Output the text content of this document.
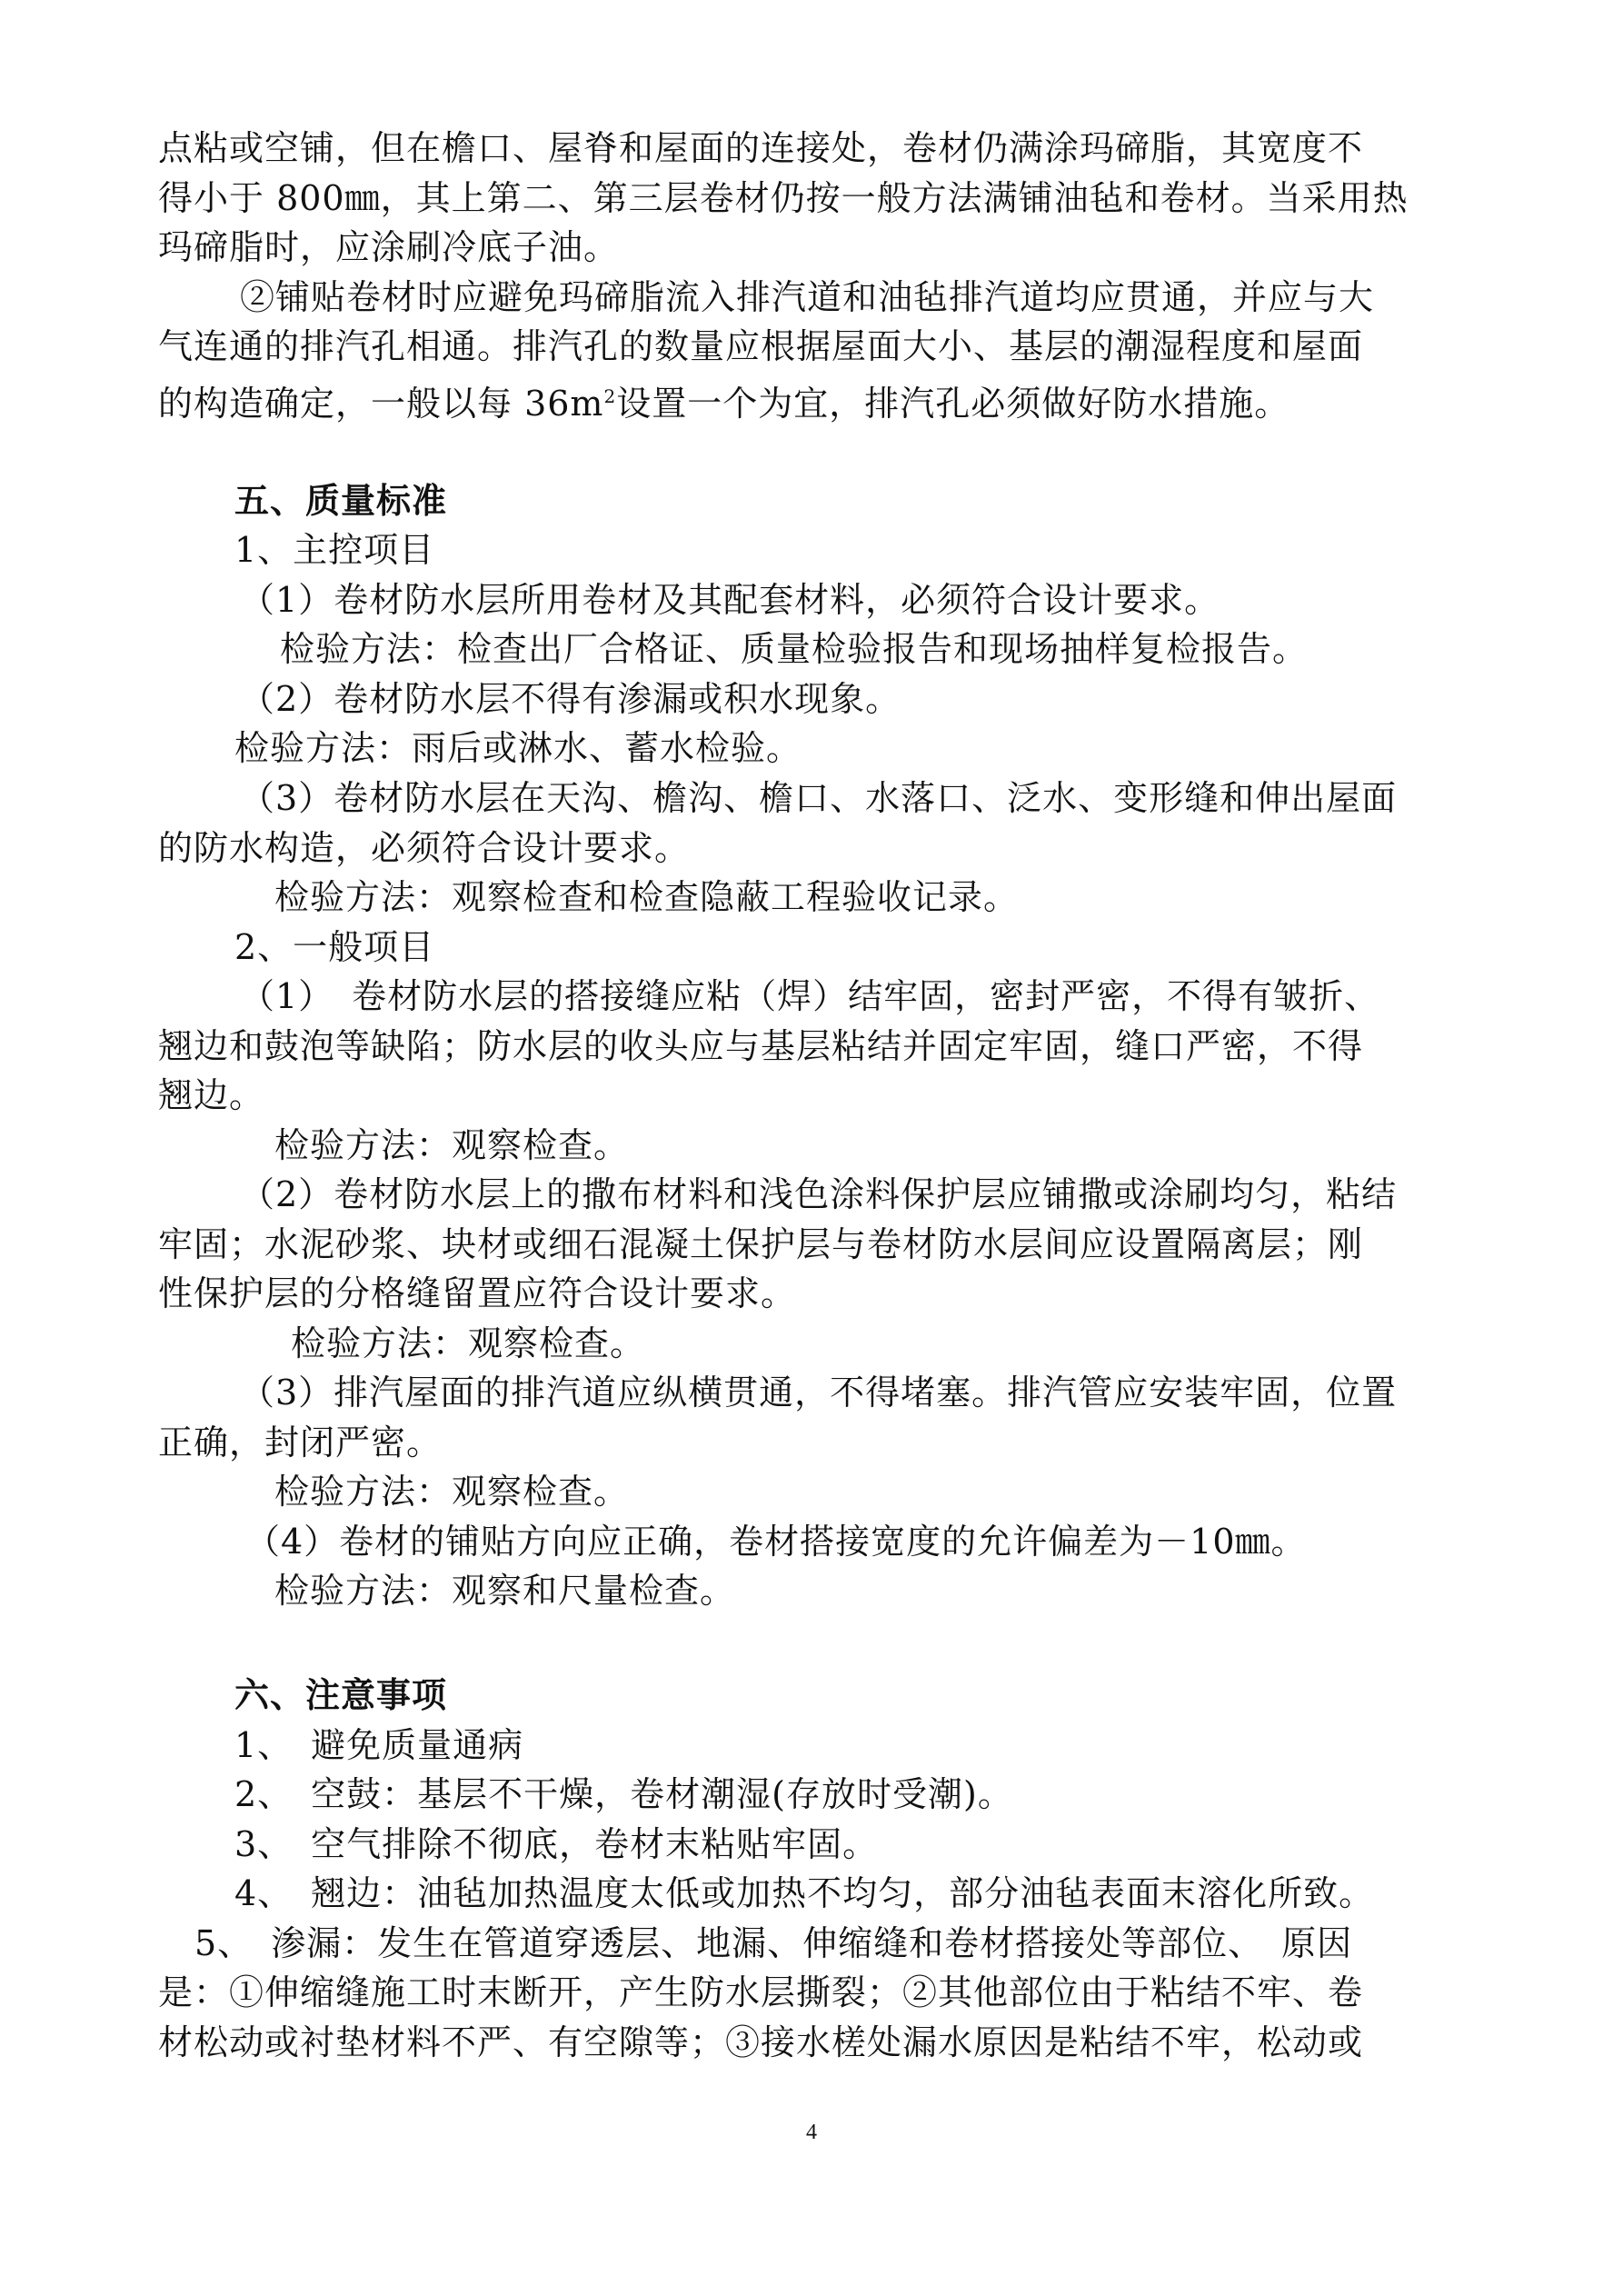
点粘或空铺，但在檐口、屋脊和屋面的连接处，卷材仍满涂玛碲脂，其宽度不
得小于 800㎜，其上第二、第三层卷材仍按一般方法满铺油毡和卷材。当采用热
玛碲脂时，应涂刷冷底子油。
②铺贴卷材时应避免玛碲脂流入排汽道和油毡排汽道均应贯通，并应与大
气连通的排汽孔相通。排汽孔的数量应根据屋面大小、基层的潮湿程度和屋面
的构造确定，一般以每 $36m^2$设置一个为宜，排汽孔必须做好防水措施。
五、质量标准
1、主控项目
（1）卷材防水层所用卷材及其配套材料，必须符合设计要求。
检验方法：检查出厂合格证、质量检验报告和现场抽样复检报告。
（2）卷材防水层不得有渗漏或积水现象。
检验方法：雨后或淋水、蓄水检验。
（3）卷材防水层在天沟、檐沟、檐口、水落口、泛水、变形缝和伸出屋面
的防水构造，必须符合设计要求。
检验方法：观察检查和检查隐蔽工程验收记录。
2、一般项目
（1）　卷材防水层的搭接缝应粘（焊）结牢固，密封严密，不得有皱折、
翘边和鼓泡等缺陷；防水层的收头应与基层粘结并固定牢固，缝口严密，不得
翘边。
检验方法：观察检查。
（2）卷材防水层上的撒布材料和浅色涂料保护层应铺撒或涂刷均匀，粘结
牢固；水泥砂浆、块材或细石混凝土保护层与卷材防水层间应设置隔离层；刚
性保护层的分格缝留置应符合设计要求。
检验方法：观察检查。
（3）排汽屋面的排汽道应纵横贯通，不得堵塞。排汽管应安装牢固，位置
正确，封闭严密。
检验方法：观察检查。
（4）卷材的铺贴方向应正确，卷材搭接宽度的允许偏差为－10㎜。
检验方法：观察和尺量检查。
六、注意事项
1、　避免质量通病
2、　空鼓：基层不干燥，卷材潮湿(存放时受潮)。
3、　空气排除不彻底，卷材末粘贴牢固。
4、　翘边：油毡加热温度太低或加热不均匀，部分油毡表面末溶化所致。
5、　渗漏：发生在管道穿透层、地漏、伸缩缝和卷材搭接处等部位、　原因
是：①伸缩缝施工时末断开，产生防水层撕裂；②其他部位由于粘结不牢、卷
材松动或衬垫材料不严、有空隙等；③接水槎处漏水原因是粘结不牢，松动或
4
